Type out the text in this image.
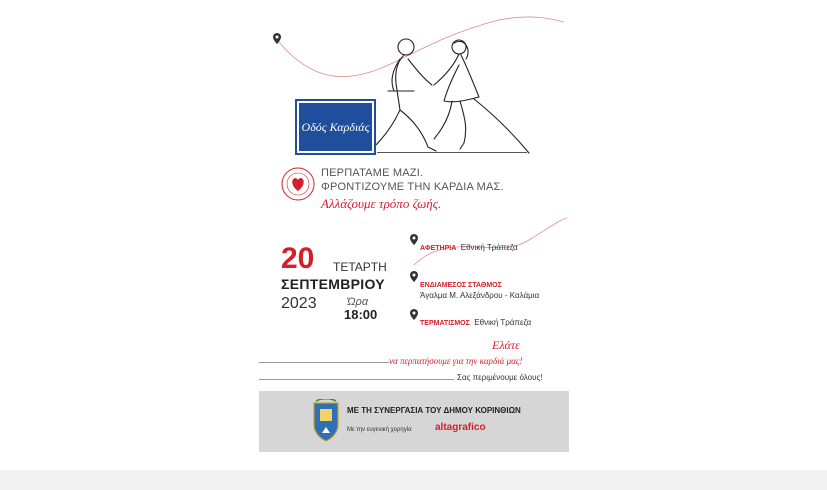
Οδός Καρδιάς
ΠΕΡΠΑΤΑΜΕ ΜΑΖΙ.
ΦΡΟΝΤΙΖΟΥΜΕ ΤΗΝ ΚΑΡΔΙΑ ΜΑΣ.
Αλλάζουμε τρόπο ζωής.
20 ΤΕΤΑΡΤΗ
ΣΕΠΤΕΜΒΡΙΟΥ
2023	Ώρα
18:00
ΑΦΕΤΗΡΙΑ Εθνική Τράπεζα
ΕΝΔΙΑΜΕΣΟΣ ΣΤΑΘΜΟΣ
Άγαλμα Μ. Αλεξάνδρου - Καλάμια
ΤΕΡΜΑΤΙΣΜΟΣ Εθνική Τράπεζα
Ελάτε
να περπατήσουμε για την καρδιά μας!
Σας περιμένουμε όλους!
ΜΕ ΤΗ ΣΥΝΕΡΓΑΣΙΑ ΤΟΥ ΔΗΜΟΥ ΚΟΡΙΝΘΙΩΝ
Με την ευγενική χορηγία altagrafico
